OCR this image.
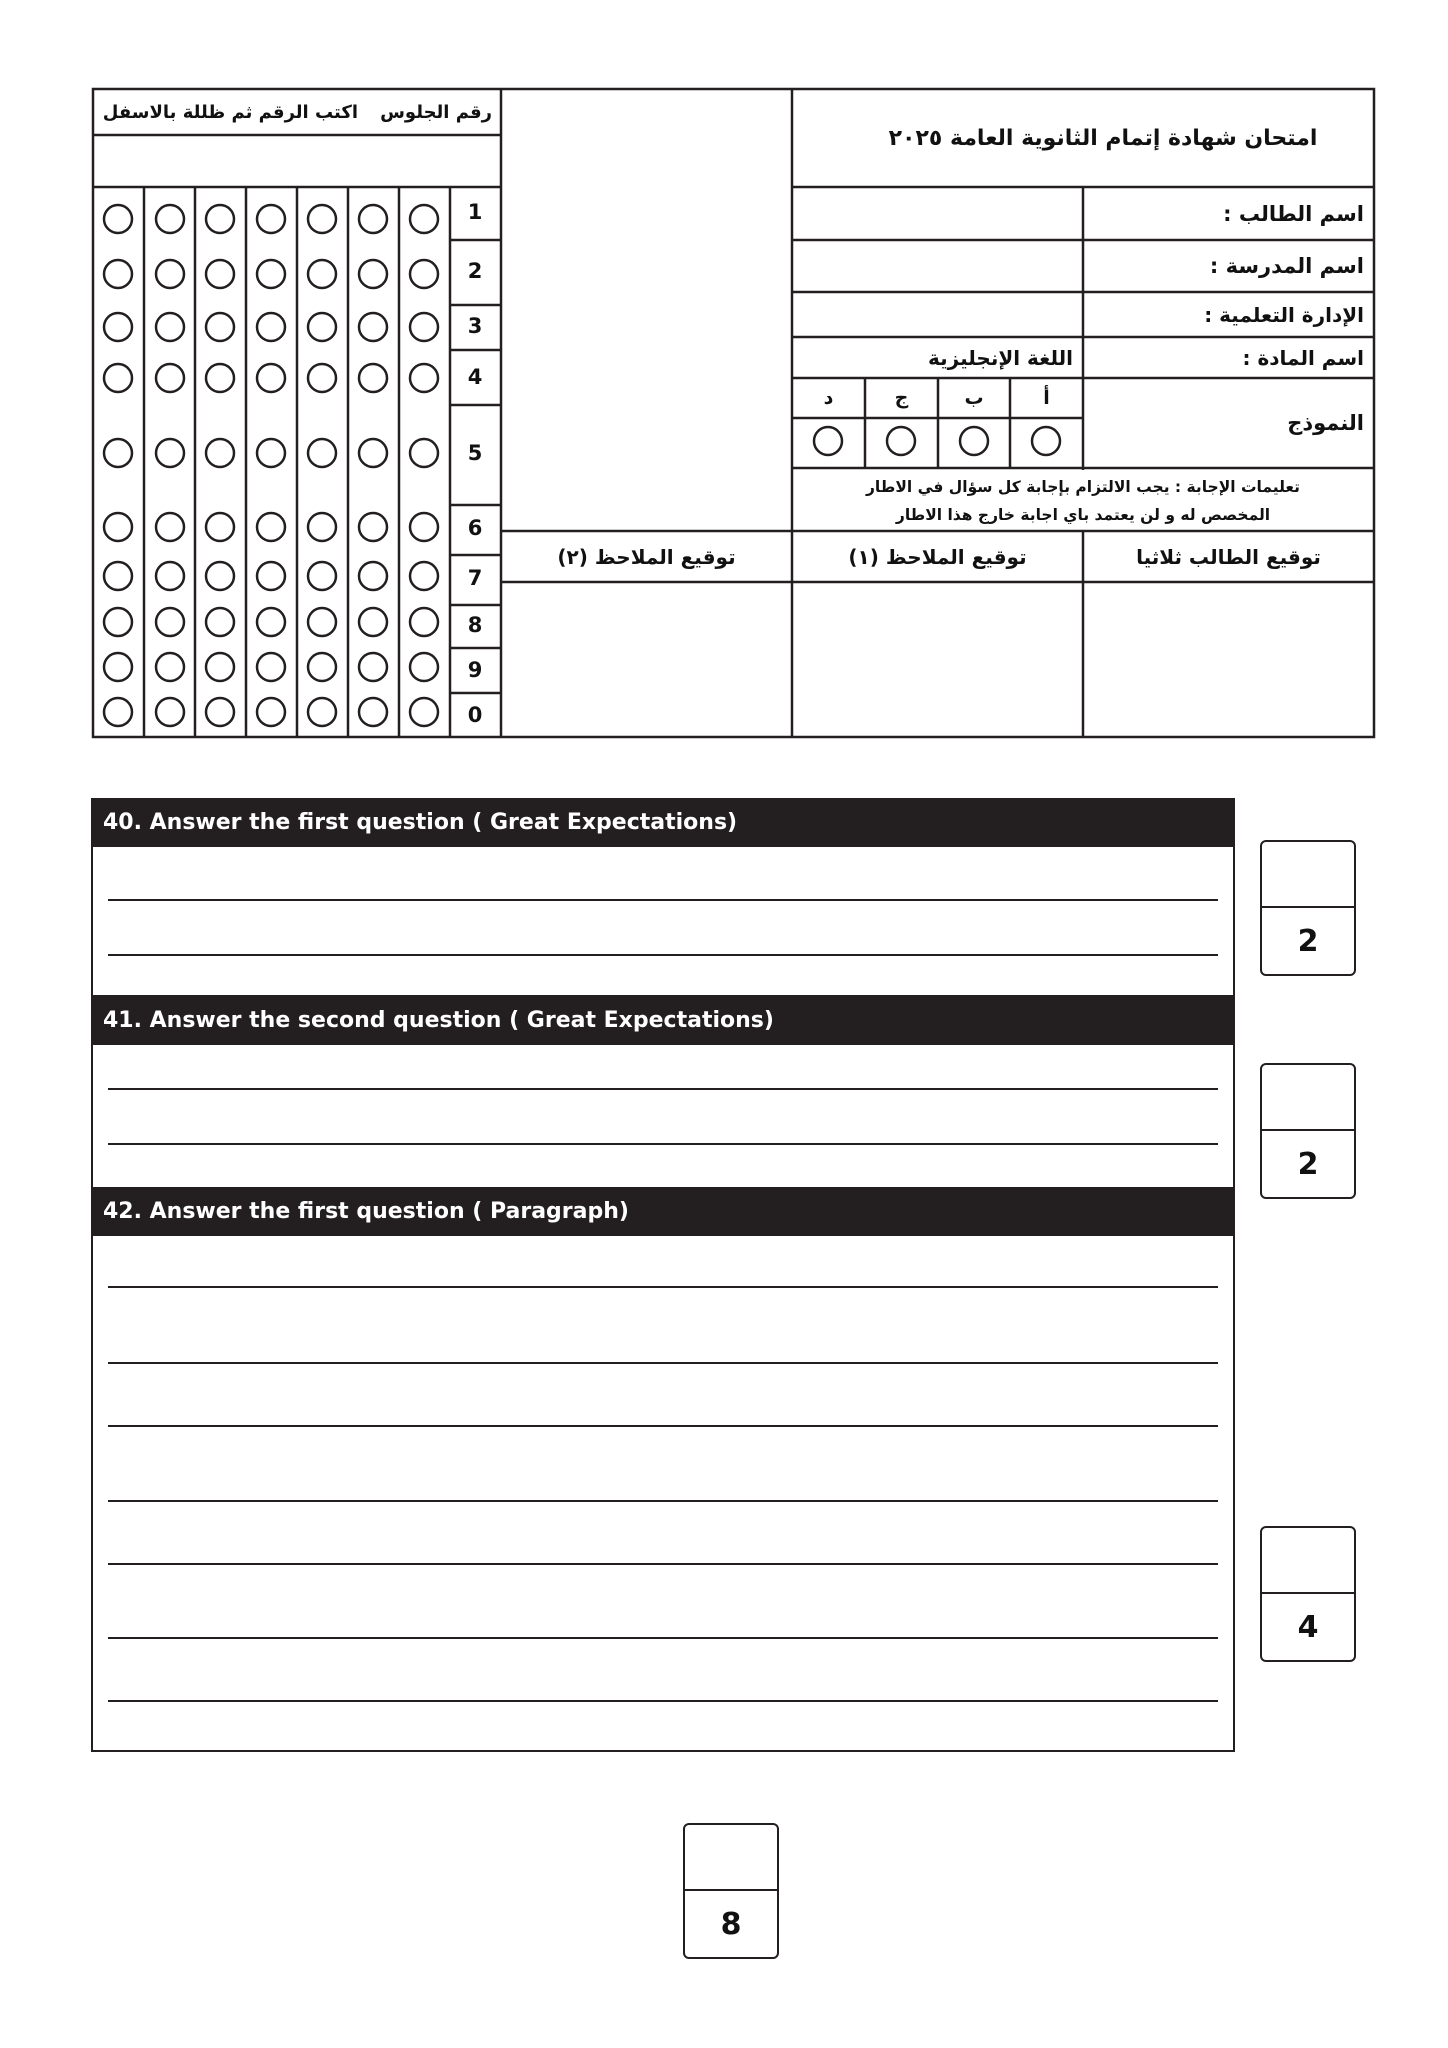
امتحان شهادة إتمام الثانوية العامة ٢٠٢٥
اسم الطالب :
اسم المدرسة :
الإدارة التعلمية :
اسم المادة :
اللغة الإنجليزية
النموذج
أ
ب
ج
د
تعليمات الإجابة : يجب الالتزام بإجابة كل سؤال في الاطار
المخصص له و لن يعتمد باي اجابة خارج هذا الاطار
توقيع الطالب ثلاثيا
توقيع الملاحظ (١)
توقيع الملاحظ (٢)
رقم الجلوس
اكتب الرقم ثم ظللة بالاسفل
1
2
3
4
5
6
7
8
9
0
40. Answer the first question ( Great Expectations)
41. Answer the second question ( Great Expectations)
42. Answer the first question ( Paragraph)
2
2
4
8
